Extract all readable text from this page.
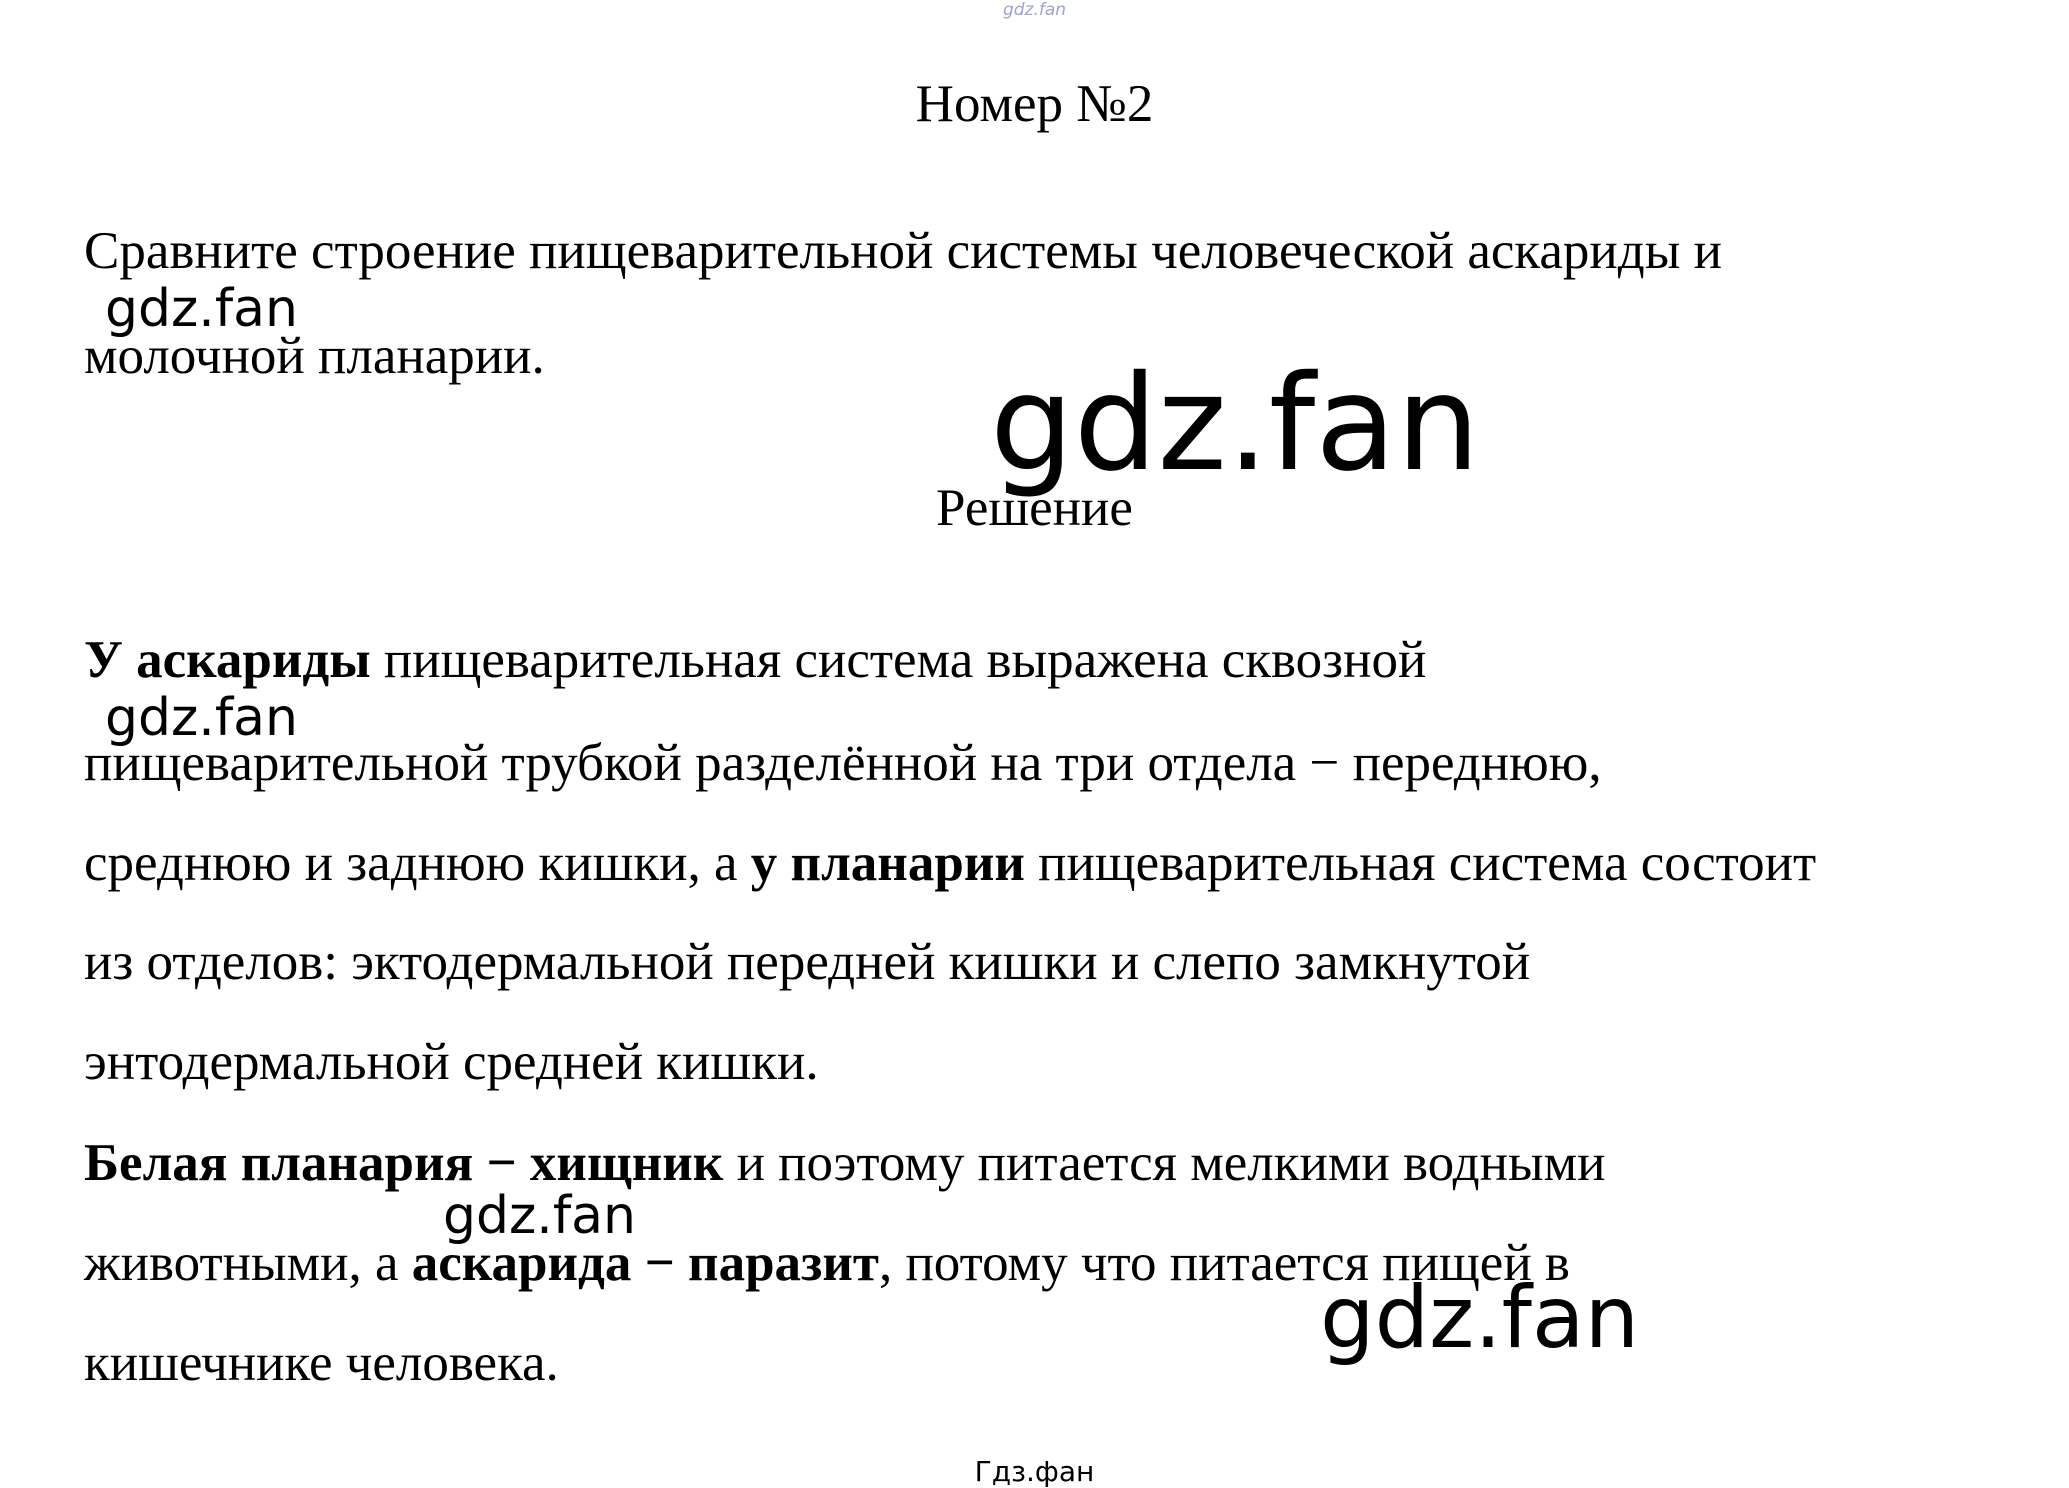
gdz.fan
Номер №2
Сравните строение пищеварительной системы человеческой аскариды и
gdz.fan
молочной планарии.	gdz.fan
Решение
У аскариды пищеварительная система выражена сквозной
gdz.fan
пищеварительной трубкой разделённой на три отдела − переднюю,
среднюю и заднюю кишки, а у планарии пищеварительная система состоит
из отделов: эктодермальной передней кишки и слепо замкнутой
энтодермальной средней кишки.
Белая планария − хищник и поэтому питается мелкими водными
gdz.fan
животными, а аскарида − паразит, потому что питается пищей в
gdz.fan
кишечнике человека.
Гдз.фан
